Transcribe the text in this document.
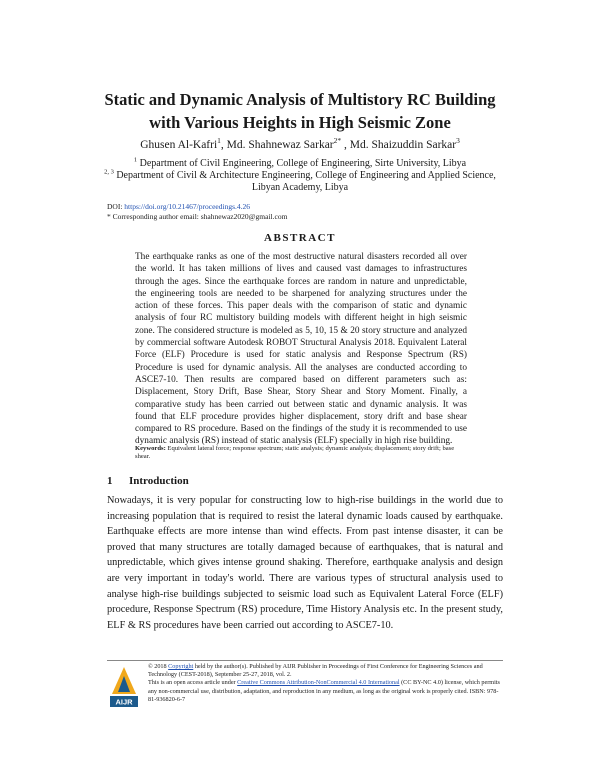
Static and Dynamic Analysis of Multistory RC Building
with Various Heights in High Seismic Zone
Ghusen Al-Kafri$^1$, Md. Shahnewaz Sarkar$^{2*}$ , Md. Shaizuddin Sarkar$^3$
$^1$ Department of Civil Engineering, College of Engineering, Sirte University, Libya
$^{2, 3}$ Department of Civil & Architecture Engineering, College of Engineering and Applied Science, Libyan Academy, Libya
DOI: https://doi.org/10.21467/proceedings.4.26
* Corresponding author email: shahnewaz2020@gmail.com
ABSTRACT
The earthquake ranks as one of the most destructive natural disasters recorded all over the world. It has taken millions of lives and caused vast damages to infrastructures through the ages. Since the earthquake forces are random in nature and unpredictable, the engineering tools are needed to be sharpened for analyzing structures under the action of these forces. This paper deals with the comparison of static and dynamic analysis of four RC multistory building models with different height in high seismic zone. The considered structure is modeled as 5, 10, 15 & 20 story structure and analyzed by commercial software Autodesk ROBOT Structural Analysis 2018. Equivalent Lateral Force (ELF) Procedure is used for static analysis and Response Spectrum (RS) Procedure is used for dynamic analysis. All the analyses are conducted according to ASCE7-10. Then results are compared based on different parameters such as: Displacement, Story Drift, Base Shear, Story Shear and Story Moment. Finally, a comparative study has been carried out between static and dynamic analysis. It was found that ELF procedure provides higher displacement, story drift and base shear compared to RS procedure. Based on the findings of the study it is recommended to use dynamic analysis (RS) instead of static analysis (ELF) specially in high rise building.
Keywords: Equivalent lateral force; response spectrum; static analysis; dynamic analysis; displacement; story drift; base shear.
1 Introduction
Nowadays, it is very popular for constructing low to high-rise buildings in the world due to increasing population that is required to resist the lateral dynamic loads caused by earthquake. Earthquake effects are more intense than wind effects. From past intense disaster, it can be proved that many structures are totally damaged because of earthquakes, that is natural and unpredictable, which gives intense ground shaking. Therefore, earthquake analysis and design are very important in today's world. There are various types of structural analysis used to analyse high-rise buildings subjected to seismic load such as Equivalent Lateral Force (ELF) procedure, Response Spectrum (RS) procedure, Time History Analysis etc. In the present study, ELF & RS procedures have been carried out according to ASCE7-10.
AIJR
© 2018 Copyright held by the author(s). Published by AIJR Publisher in Proceedings of First Conference for Engineering Sciences and Technology (CEST-2018), September 25-27, 2018, vol. 2.
This is an open access article under Creative Commons Attribution-NonCommercial 4.0 International (CC BY-NC 4.0) license, which permits any non-commercial use, distribution, adaptation, and reproduction in any medium, as long as the original work is properly cited. ISBN: 978-81-936820-6-7
